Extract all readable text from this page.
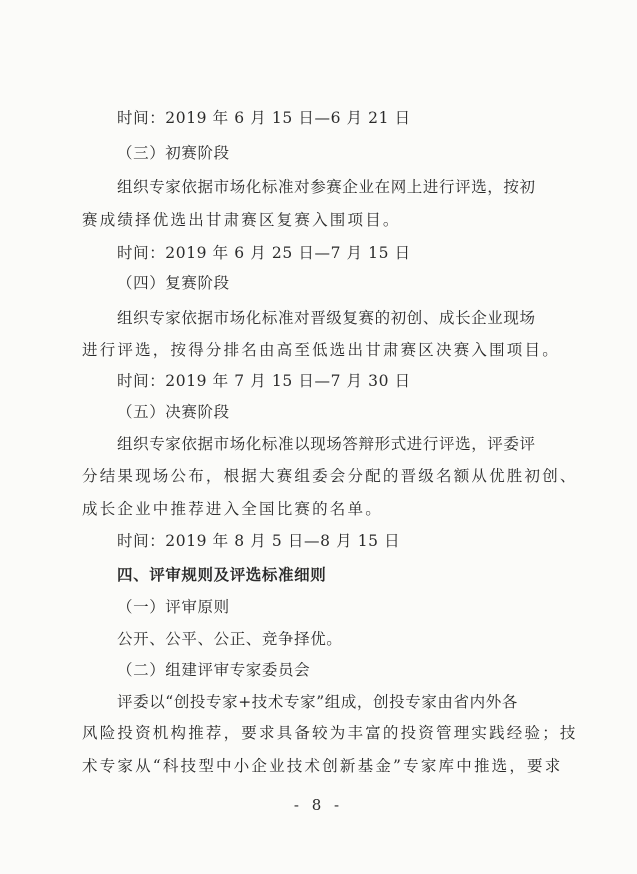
时间：2019 年 6 月 15 日—6 月 21 日
（三）初赛阶段
组织专家依据市场化标准对参赛企业在网上进行评选，按初
赛成绩择优选出甘肃赛区复赛入围项目。
时间：2019 年 6 月 25 日—7 月 15 日
（四）复赛阶段
组织专家依据市场化标准对晋级复赛的初创、成长企业现场
进行评选，按得分排名由高至低选出甘肃赛区决赛入围项目。
时间：2019 年 7 月 15 日—7 月 30 日
（五）决赛阶段
组织专家依据市场化标准以现场答辩形式进行评选，评委评
分结果现场公布，根据大赛组委会分配的晋级名额从优胜初创、
成长企业中推荐进入全国比赛的名单。
时间：2019 年 8 月 5 日—8 月 15 日
四、评审规则及评选标准细则
（一）评审原则
公开、公平、公正、竞争择优。
（二）组建评审专家委员会
评委以“创投专家+技术专家”组成，创投专家由省内外各
风险投资机构推荐，要求具备较为丰富的投资管理实践经验；技
术专家从“科技型中小企业技术创新基金”专家库中推选，要求
- 8 -
